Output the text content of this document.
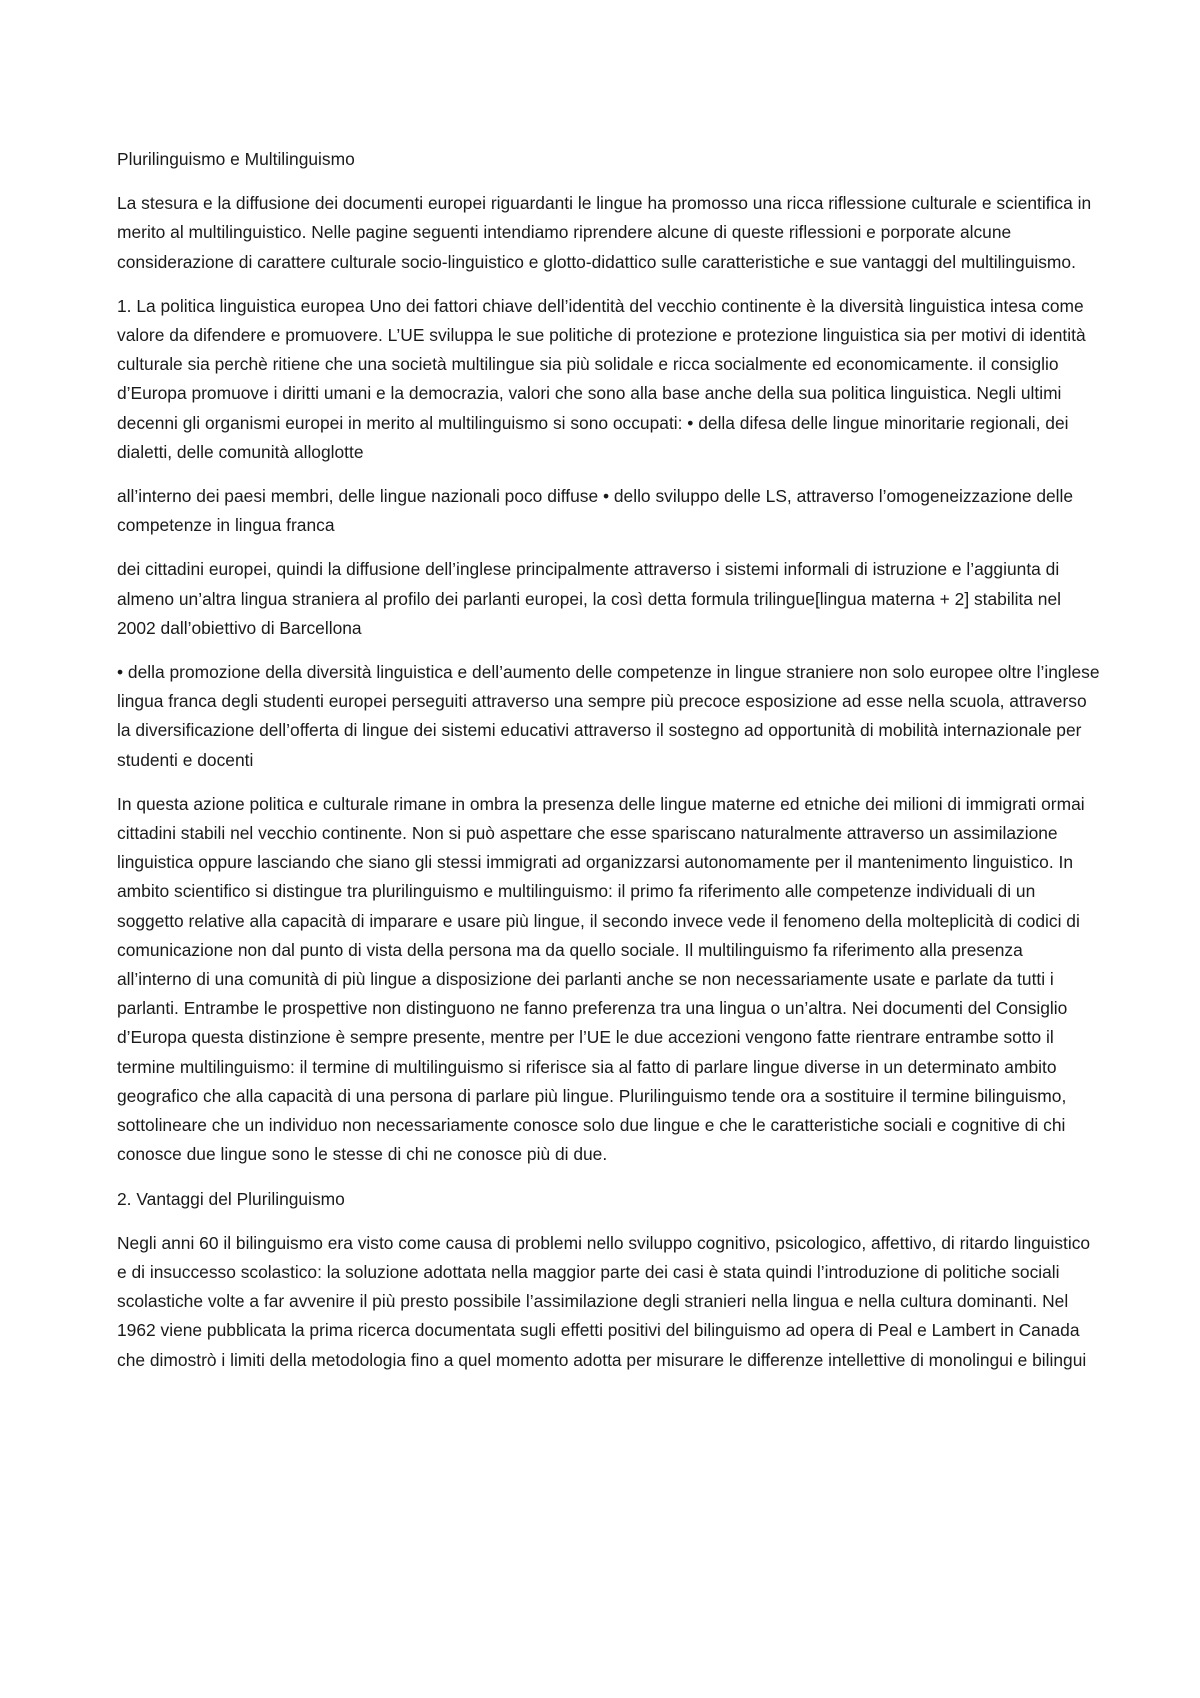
Plurilinguismo e Multilinguismo

La stesura e la diffusione dei documenti europei riguardanti le lingue ha promosso una ricca riflessione culturale e scientifica in merito al multilinguistico. Nelle pagine seguenti intendiamo riprendere alcune di queste riflessioni e porporate alcune considerazione di carattere culturale socio-linguistico e glotto-didattico sulle caratteristiche e sue vantaggi del multilinguismo.

1. La politica linguistica europea Uno dei fattori chiave dell’identità del vecchio continente è la diversità linguistica intesa come valore da difendere e promuovere. L’UE sviluppa le sue politiche di protezione e protezione linguistica sia per motivi di identità culturale sia perchè ritiene che una società multilingue sia più solidale e ricca socialmente ed economicamente. il consiglio d’Europa promuove i diritti umani e la democrazia, valori che sono alla base anche della sua politica linguistica. Negli ultimi decenni gli organismi europei in merito al multilinguismo si sono occupati: • della difesa delle lingue minoritarie regionali, dei dialetti, delle comunità alloglotte

all’interno dei paesi membri, delle lingue nazionali poco diffuse • dello sviluppo delle LS, attraverso l’omogeneizzazione delle competenze in lingua franca

dei cittadini europei, quindi la diffusione dell’inglese principalmente attraverso i sistemi informali di istruzione e l’aggiunta di almeno un’altra lingua straniera al profilo dei parlanti europei, la così detta formula trilingue[lingua materna + 2] stabilita nel 2002 dall’obiettivo di Barcellona

• della promozione della diversità linguistica e dell’aumento delle competenze in lingue straniere non solo europee oltre l’inglese lingua franca degli studenti europei perseguiti attraverso una sempre più precoce esposizione ad esse nella scuola, attraverso la diversificazione dell’offerta di lingue dei sistemi educativi attraverso il sostegno ad opportunità di mobilità internazionale per studenti e docenti

In questa azione politica e culturale rimane in ombra la presenza delle lingue materne ed etniche dei milioni di immigrati ormai cittadini stabili nel vecchio continente. Non si può aspettare che esse spariscano naturalmente attraverso un assimilazione linguistica oppure lasciando che siano gli stessi immigrati ad organizzarsi autonomamente per il mantenimento linguistico. In ambito scientifico si distingue tra plurilinguismo e multilinguismo: il primo fa riferimento alle competenze individuali di un soggetto relative alla capacità di imparare e usare più lingue, il secondo invece vede il fenomeno della molteplicità di codici di comunicazione non dal punto di vista della persona ma da quello sociale. Il multilinguismo fa riferimento alla presenza all’interno di una comunità di più lingue a disposizione dei parlanti anche se non necessariamente usate e parlate da tutti i parlanti. Entrambe le prospettive non distinguono ne fanno preferenza tra una lingua o un’altra. Nei documenti del Consiglio d’Europa questa distinzione è sempre presente, mentre per l’UE le due accezioni vengono fatte rientrare entrambe sotto il termine multilinguismo: il termine di multilinguismo si riferisce sia al fatto di parlare lingue diverse in un determinato ambito geografico che alla capacità di una persona di parlare più lingue. Plurilinguismo tende ora a sostituire il termine bilinguismo, sottolineare che un individuo non necessariamente conosce solo due lingue e che le caratteristiche sociali e cognitive di chi conosce due lingue sono le stesse di chi ne conosce più di due.

2. Vantaggi del Plurilinguismo

Negli anni 60 il bilinguismo era visto come causa di problemi nello sviluppo cognitivo, psicologico, affettivo, di ritardo linguistico e di insuccesso scolastico: la soluzione adottata nella maggior parte dei casi è stata quindi l’introduzione di politiche sociali scolastiche volte a far avvenire il più presto possibile l’assimilazione degli stranieri nella lingua e nella cultura dominanti. Nel 1962 viene pubblicata la prima ricerca documentata sugli effetti positivi del bilinguismo ad opera di Peal e Lambert in Canada che dimostrò i limiti della metodologia fino a quel momento adotta per misurare le differenze intellettive di monolingui e bilingui
